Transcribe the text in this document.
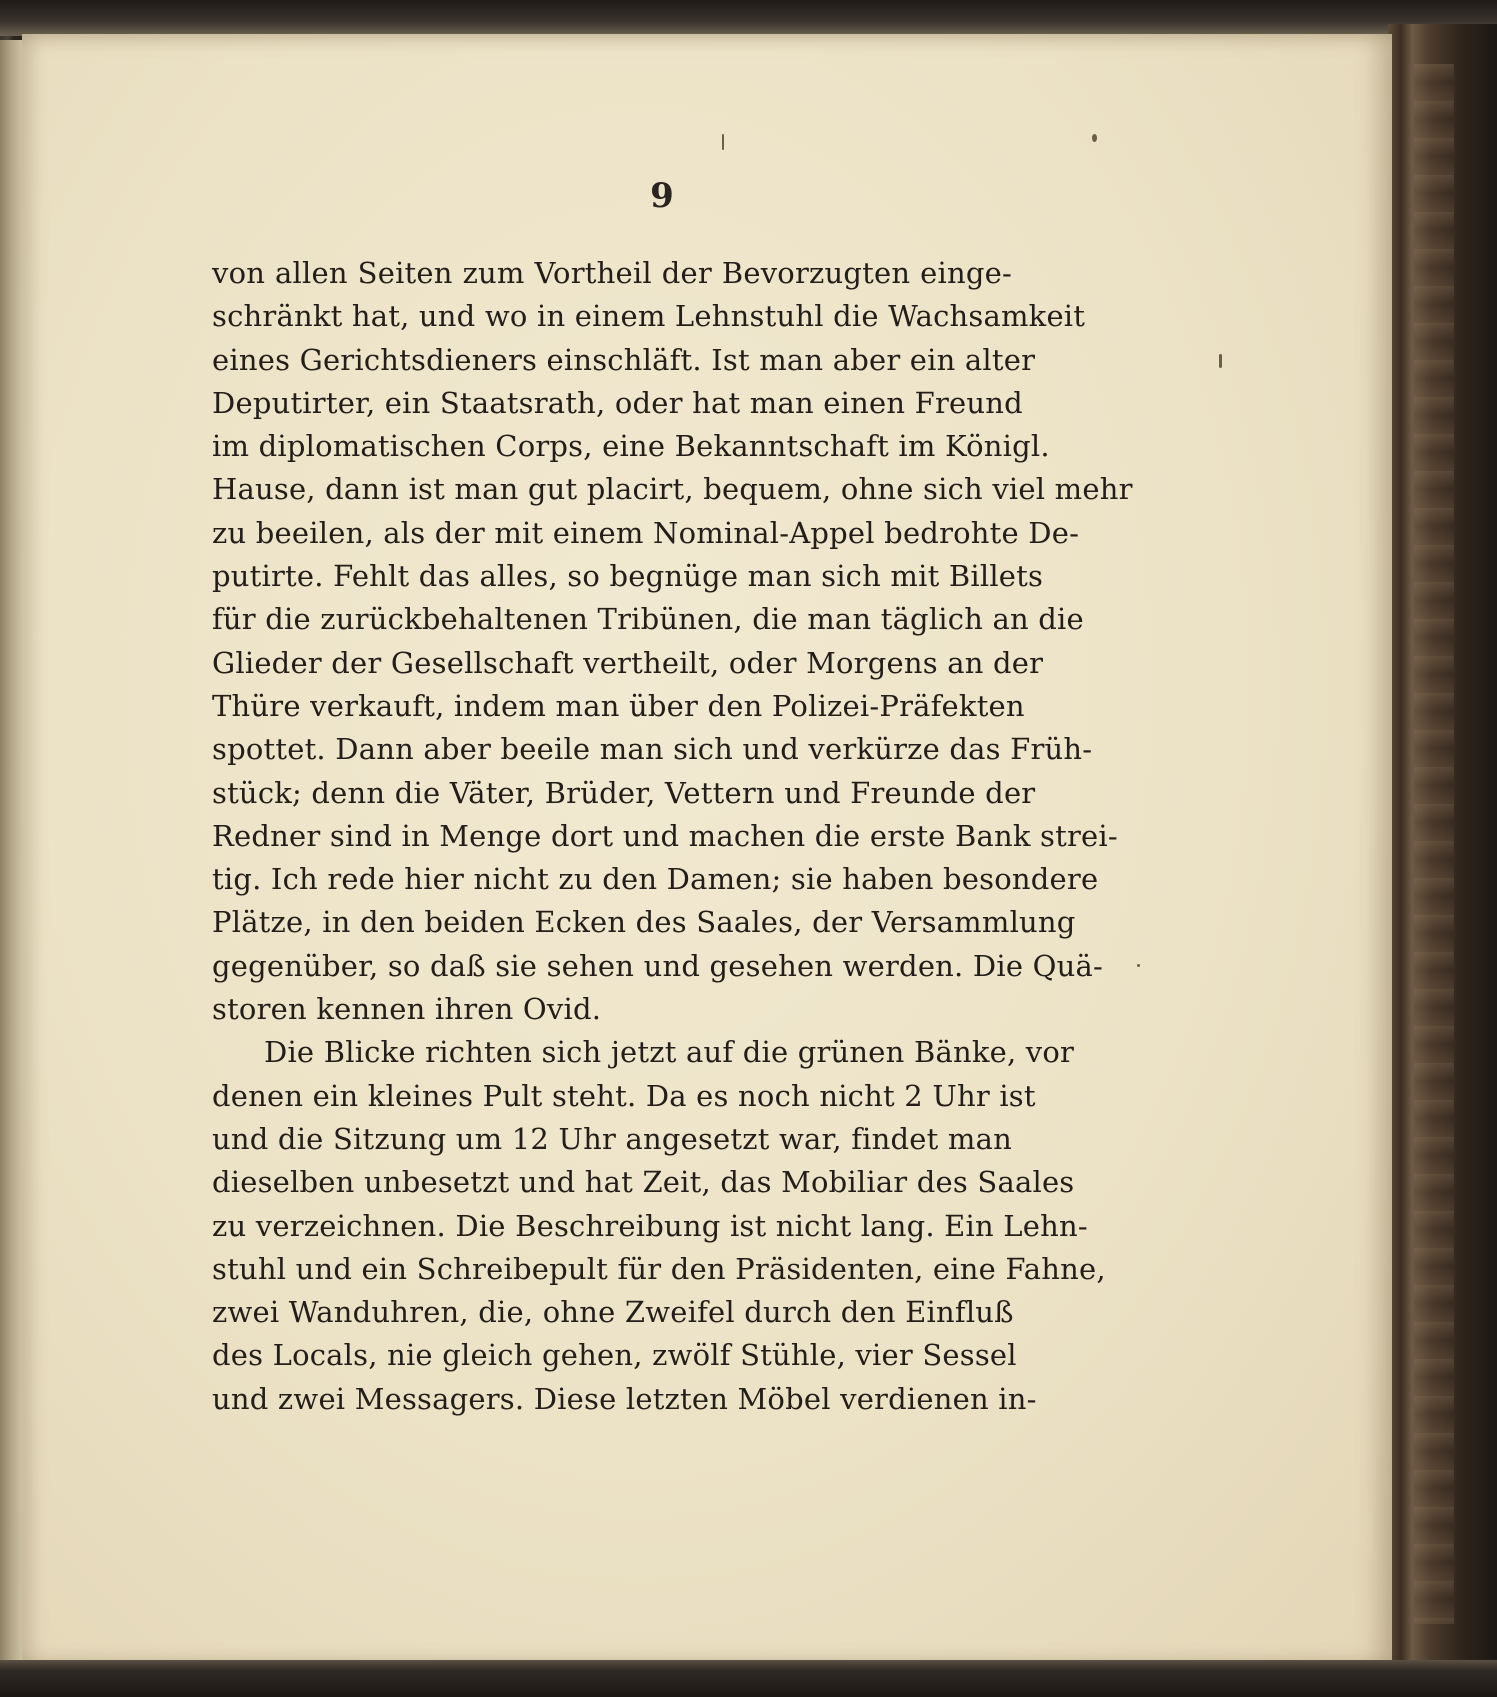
9
von allen Seiten zum Vortheil der Bevorzugten einge-
schränkt hat, und wo in einem Lehnstuhl die Wachsamkeit
eines Gerichtsdieners einschläft. Ist man aber ein alter
Deputirter, ein Staatsrath, oder hat man einen Freund
im diplomatischen Corps, eine Bekanntschaft im Königl.
Hause, dann ist man gut placirt, bequem, ohne sich viel mehr
zu beeilen, als der mit einem Nominal-Appel bedrohte De-
putirte. Fehlt das alles, so begnüge man sich mit Billets
für die zurückbehaltenen Tribünen, die man täglich an die
Glieder der Gesellschaft vertheilt, oder Morgens an der
Thüre verkauft, indem man über den Polizei-Präfekten
spottet. Dann aber beeile man sich und verkürze das Früh-
stück; denn die Väter, Brüder, Vettern und Freunde der
Redner sind in Menge dort und machen die erste Bank strei-
tig. Ich rede hier nicht zu den Damen; sie haben besondere
Plätze, in den beiden Ecken des Saales, der Versammlung
gegenüber, so daß sie sehen und gesehen werden. Die Quä-
storen kennen ihren Ovid.
Die Blicke richten sich jetzt auf die grünen Bänke, vor
denen ein kleines Pult steht. Da es noch nicht 2 Uhr ist
und die Sitzung um 12 Uhr angesetzt war, findet man
dieselben unbesetzt und hat Zeit, das Mobiliar des Saales
zu verzeichnen. Die Beschreibung ist nicht lang. Ein Lehn-
stuhl und ein Schreibepult für den Präsidenten, eine Fahne,
zwei Wanduhren, die, ohne Zweifel durch den Einfluß
des Locals, nie gleich gehen, zwölf Stühle, vier Sessel
und zwei Messagers. Diese letzten Möbel verdienen in-
